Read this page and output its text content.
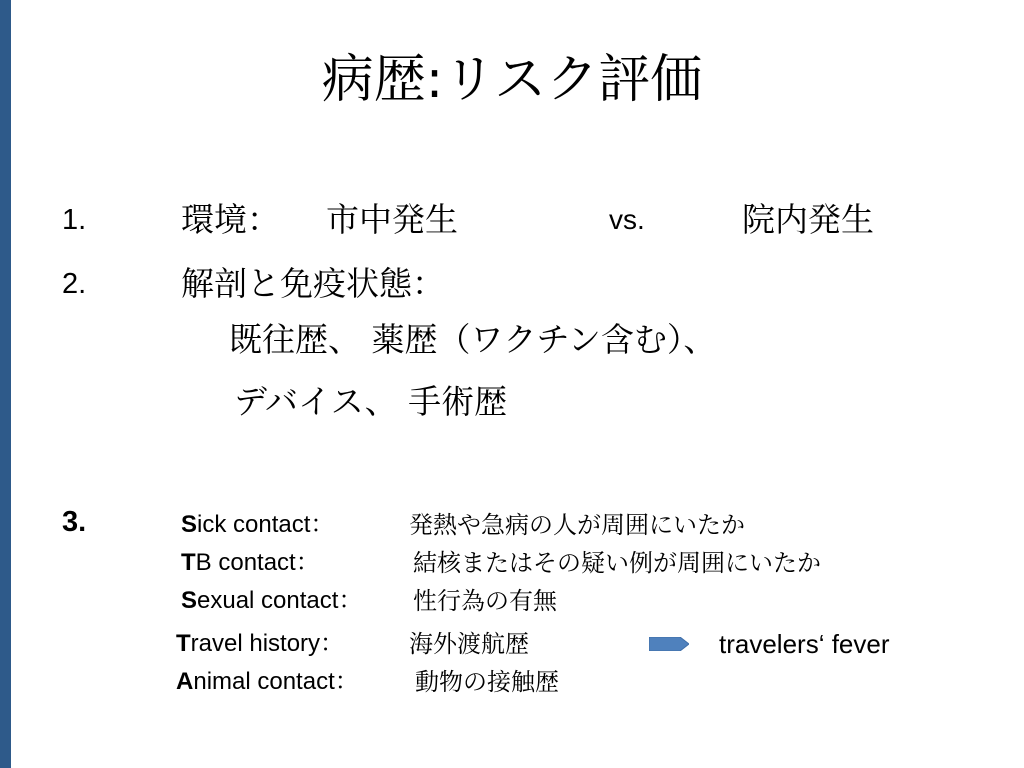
病歴:リスク評価
1.	環境： 市中発生	vs.	院内発生
2.	解剖と免疫状態：
既往歴、 薬歴（ワクチン含む）、
デバイス、 手術歴
3.	Sick contact：	発熱や急病の人が周囲にいたか
TB contact：	結核またはその疑い例が周囲にいたか
Sexual contact： 性行為の有無
Travel history：	海外渡航歴	travelers‘ fever
Animal contact： 動物の接触歴
